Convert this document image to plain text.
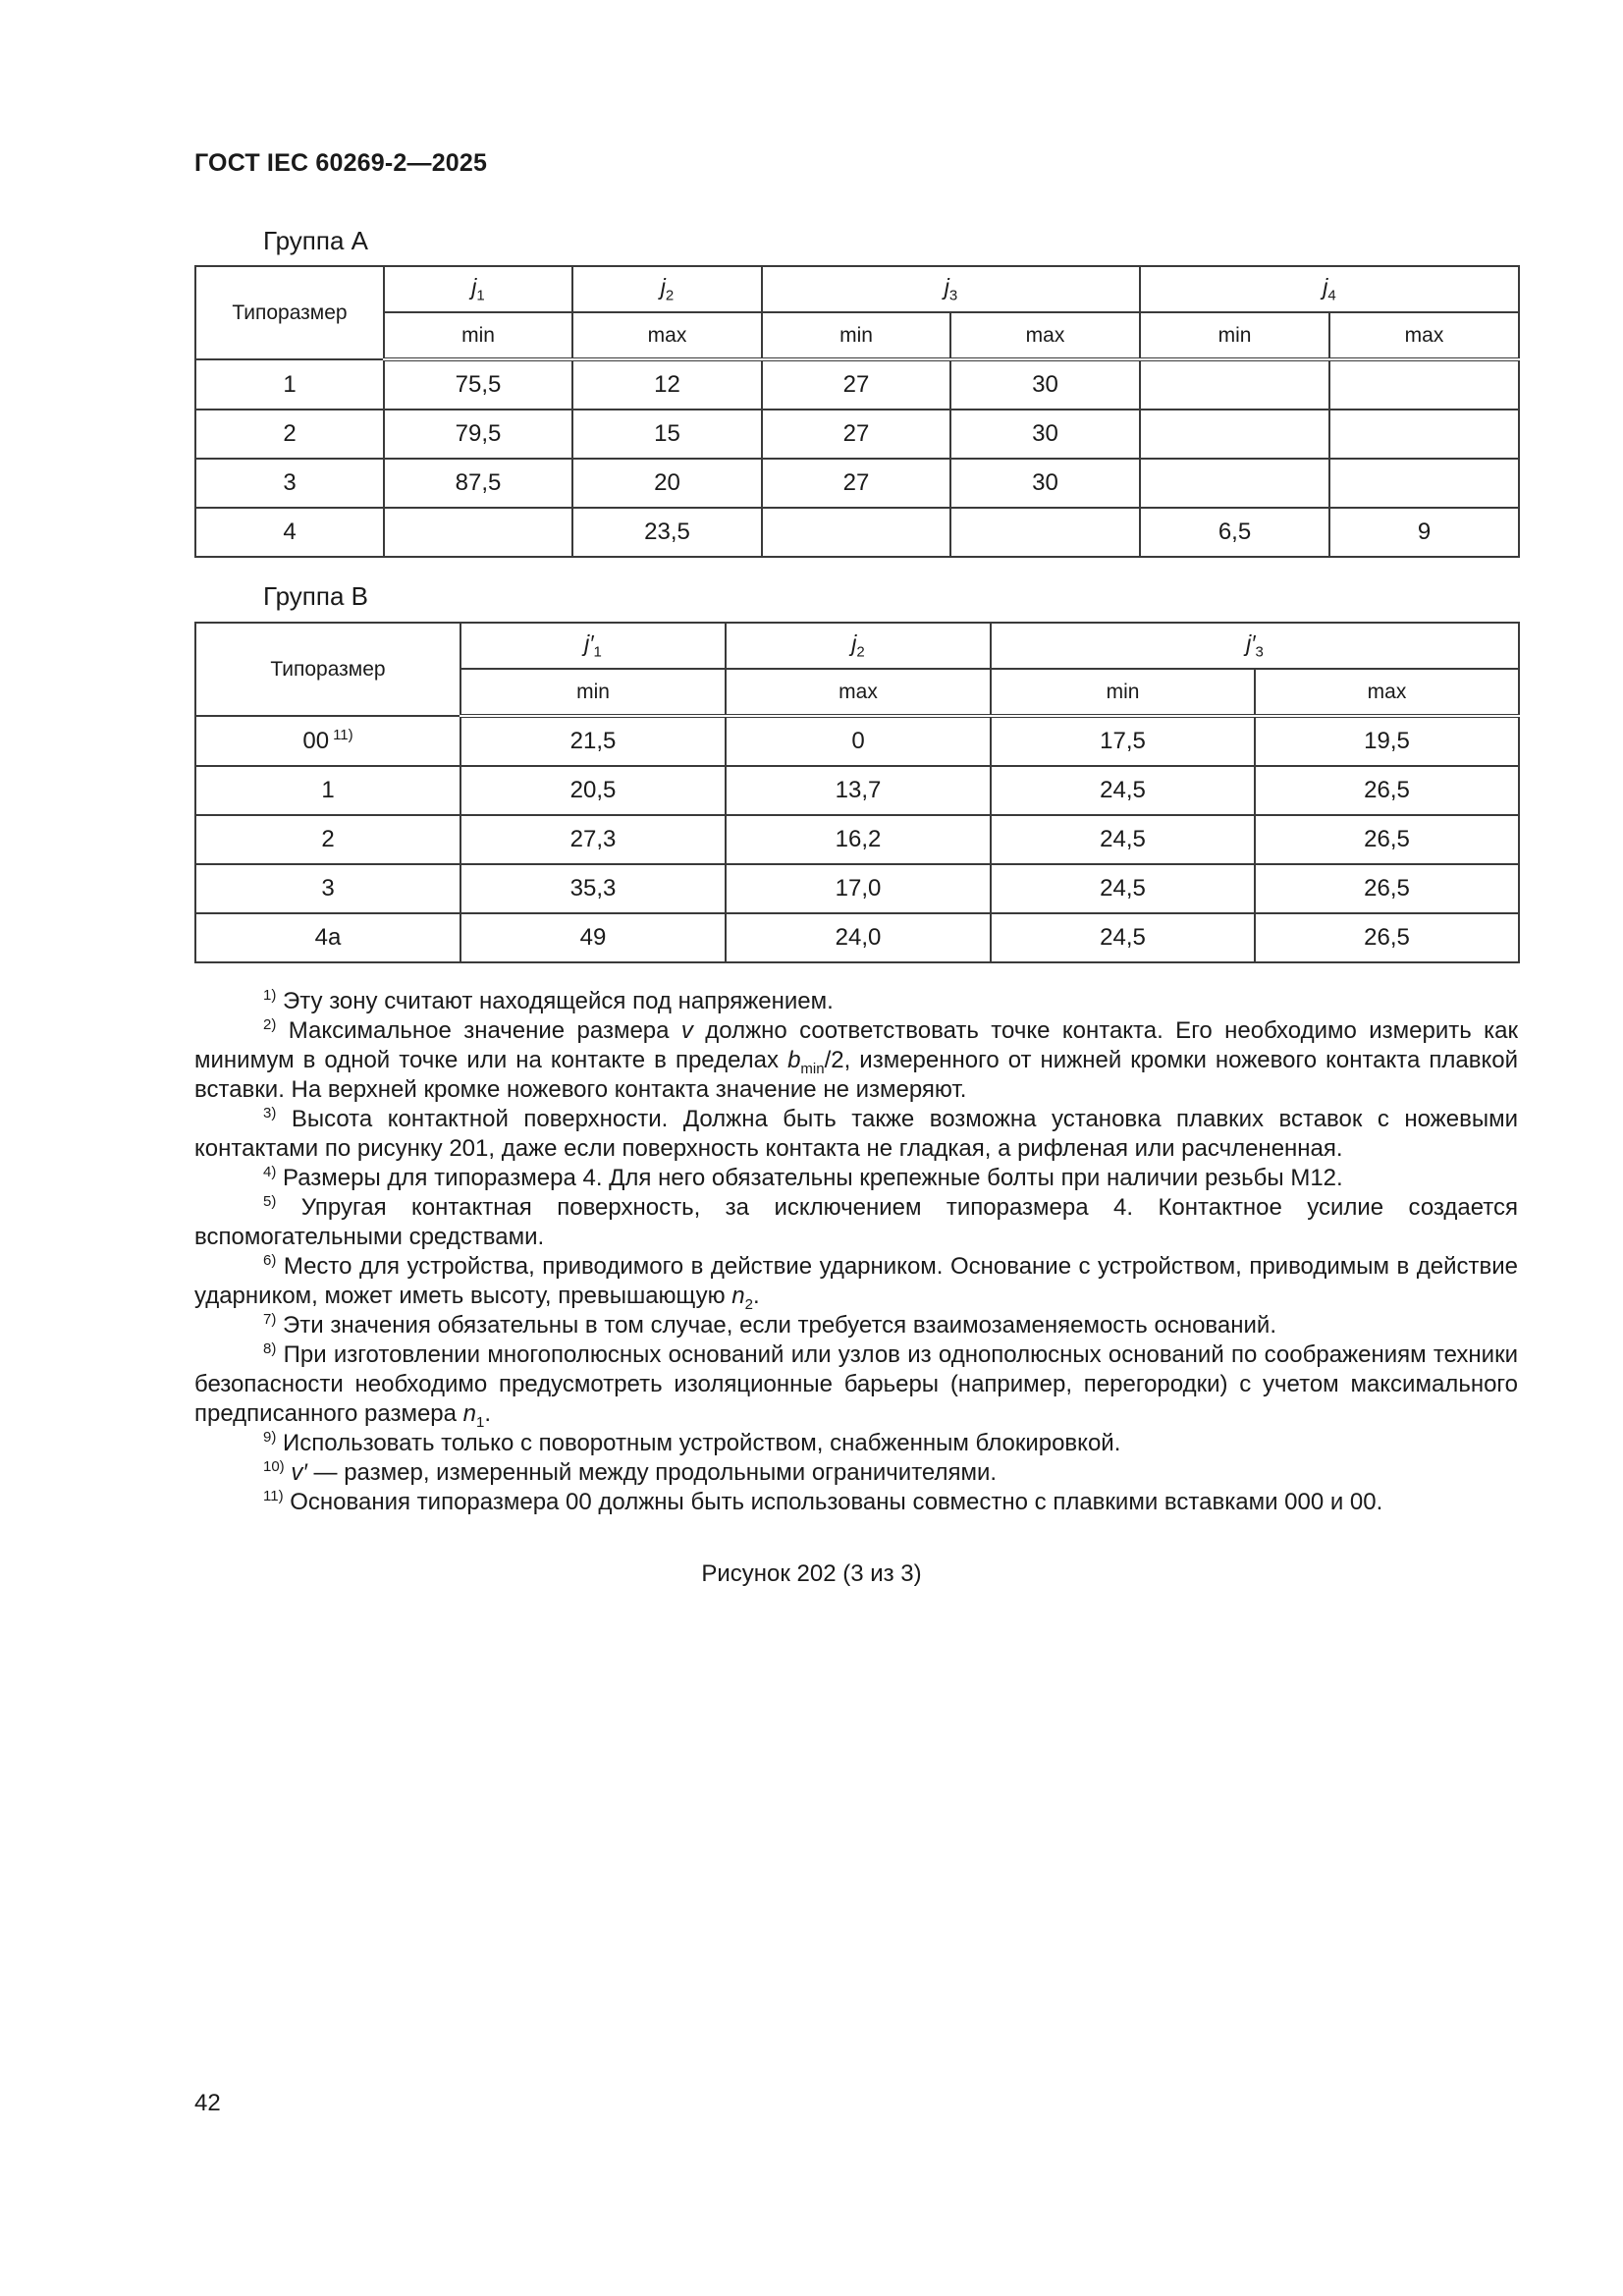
ГОСТ IEC 60269-2—2025
Группа А
Типоразмер	$j_1$	$j_2$	$j_3$		$j_4$
	min	max	min	max	min	max
1	75,5	12	27	30		
2	79,5	15	27	30		
3	87,5	20	27	30		
4		23,5			6,5	9
Группа В
Типоразмер	$j'_1$	$j_2$	$j'_3$
	min	max	min	max
00 $^{11)}$	21,5	0	17,5	19,5
1	20,5	13,7	24,5	26,5
2	27,3	16,2	24,5	26,5
3	35,3	17,0	24,5	26,5
4a	49	24,0	24,5	26,5

$^{1)}$ Эту зону считают находящейся под напряжением.

$^{2)}$ Максимальное значение размера v должно соответствовать точке контакта. Его необходимо измерить как минимум в одной точке или на контакте в пределах $b_{min}/2$, измеренного от нижней кромки ножевого контакта плавкой вставки. На верхней кромке ножевого контакта значение не измеряют.

$^{3)}$ Высота контактной поверхности. Должна быть также возможна установка плавких вставок с ножевыми контактами по рисунку 201, даже если поверхность контакта не гладкая, а рифленая или расчлененная.

$^{4)}$ Размеры для типоразмера 4. Для него обязательны крепежные болты при наличии резьбы М12.

$^{5)}$ Упругая контактная поверхность, за исключением типоразмера 4. Контактное усилие создается вспомогательными средствами.

$^{6)}$ Место для устройства, приводимого в действие ударником. Основание с устройством, приводимым в действие ударником, может иметь высоту, превышающую $n_2$.

$^{7)}$ Эти значения обязательны в том случае, если требуется взаимозаменяемость оснований.

$^{8)}$ При изготовлении многополюсных оснований или узлов из однополюсных оснований по соображениям техники безопасности необходимо предусмотреть изоляционные барьеры (например, перегородки) с учетом максимального предписанного размера $n_1$.

$^{9)}$ Использовать только с поворотным устройством, снабженным блокировкой.

$^{10)}$ v′ — размер, измеренный между продольными ограничителями.

$^{11)}$ Основания типоразмера 00 должны быть использованы совместно с плавкими вставками 000 и 00.

Рисунок 202 (3 из 3)
42
